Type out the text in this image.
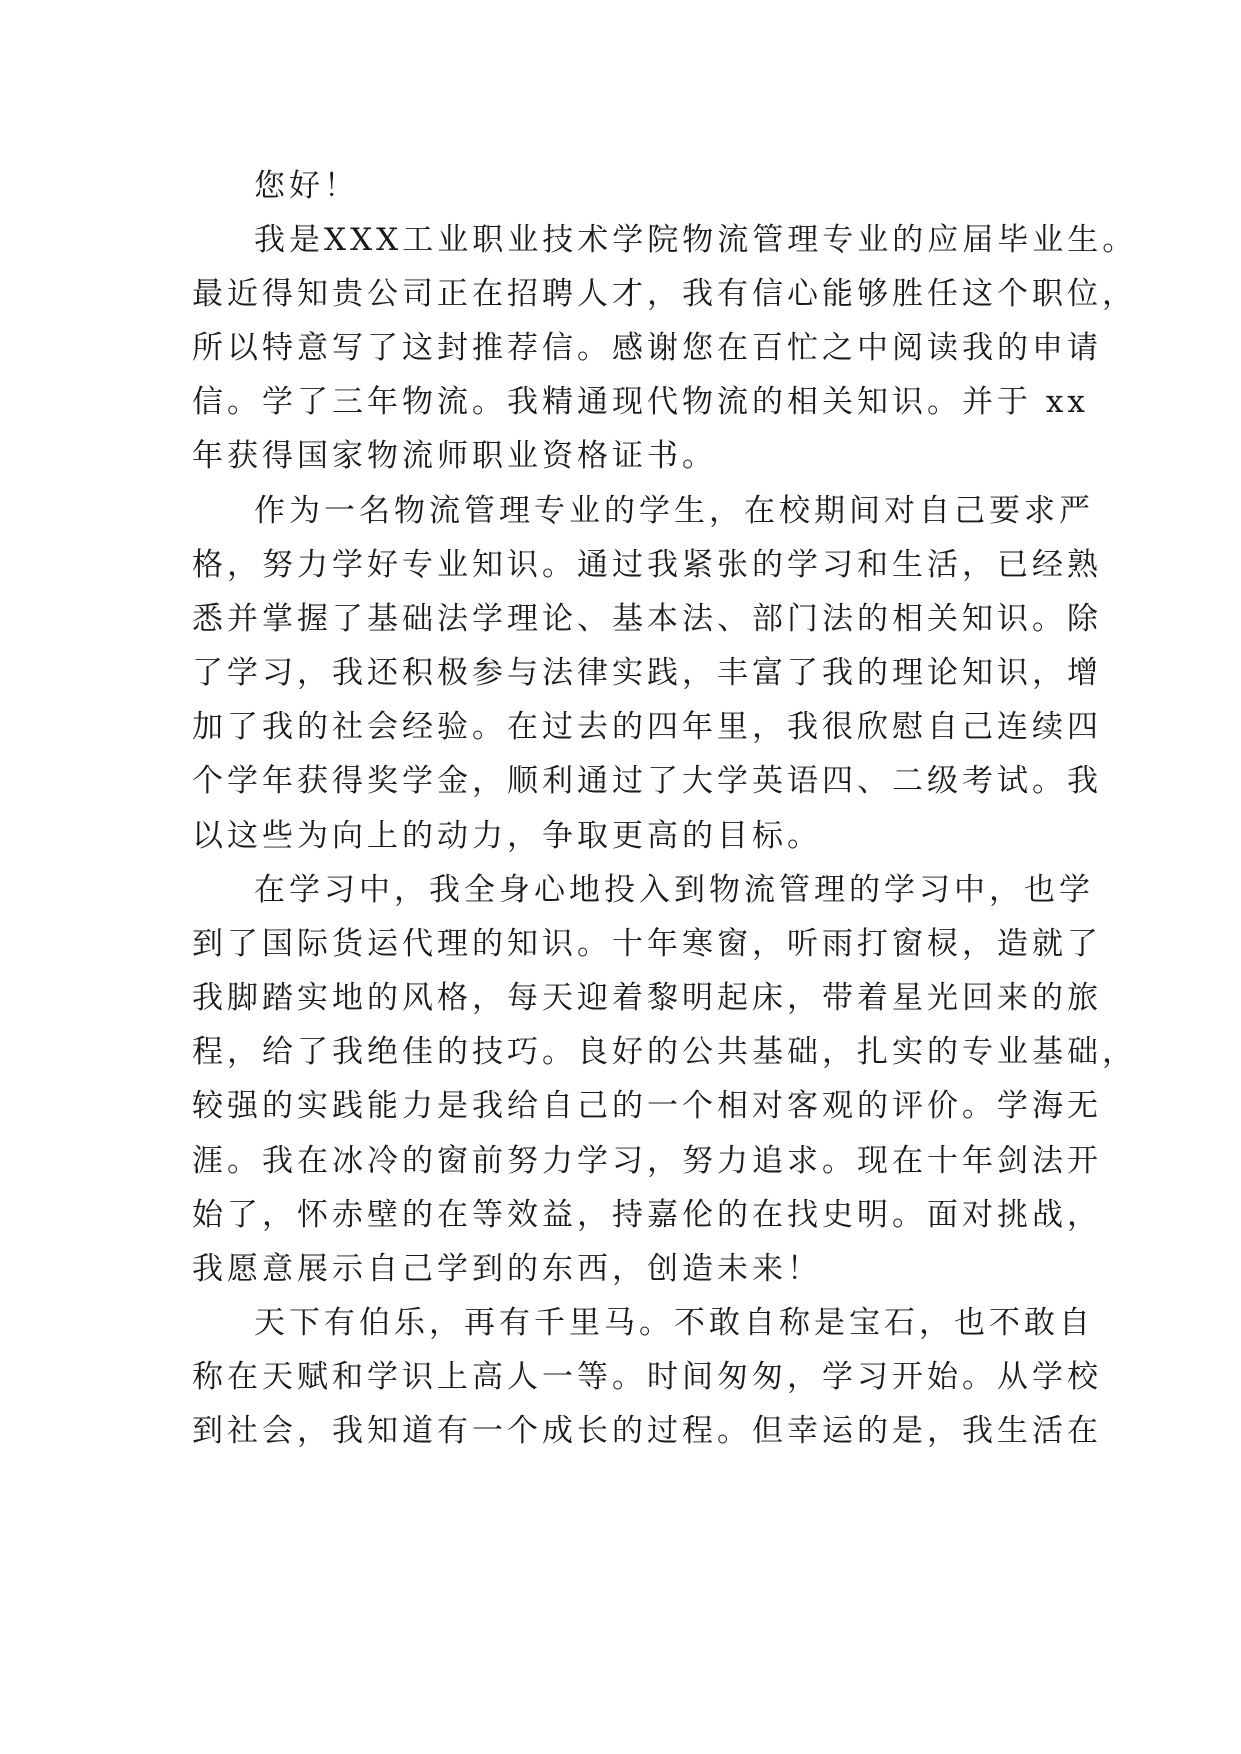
您好！

我是XXX工业职业技术学院物流管理专业的应届毕业生。

最近得知贵公司正在招聘人才，我有信心能够胜任这个职位，

所以特意写了这封推荐信。感谢您在百忙之中阅读我的申请

信。学了三年物流。我精通现代物流的相关知识。并于 xx

年获得国家物流师职业资格证书。

作为一名物流管理专业的学生，在校期间对自己要求严

格，努力学好专业知识。通过我紧张的学习和生活，已经熟

悉并掌握了基础法学理论、基本法、部门法的相关知识。除

了学习，我还积极参与法律实践，丰富了我的理论知识，增

加了我的社会经验。在过去的四年里，我很欣慰自己连续四

个学年获得奖学金，顺利通过了大学英语四、二级考试。我

以这些为向上的动力，争取更高的目标。

在学习中，我全身心地投入到物流管理的学习中，也学

到了国际货运代理的知识。十年寒窗，听雨打窗棂，造就了

我脚踏实地的风格，每天迎着黎明起床，带着星光回来的旅

程，给了我绝佳的技巧。良好的公共基础，扎实的专业基础，

较强的实践能力是我给自己的一个相对客观的评价。学海无

涯。我在冰冷的窗前努力学习，努力追求。现在十年剑法开

始了，怀赤壁的在等效益，持嘉伦的在找史明。面对挑战，

我愿意展示自己学到的东西，创造未来！

天下有伯乐，再有千里马。不敢自称是宝石，也不敢自

称在天赋和学识上高人一等。时间匆匆，学习开始。从学校

到社会，我知道有一个成长的过程。但幸运的是，我生活在
